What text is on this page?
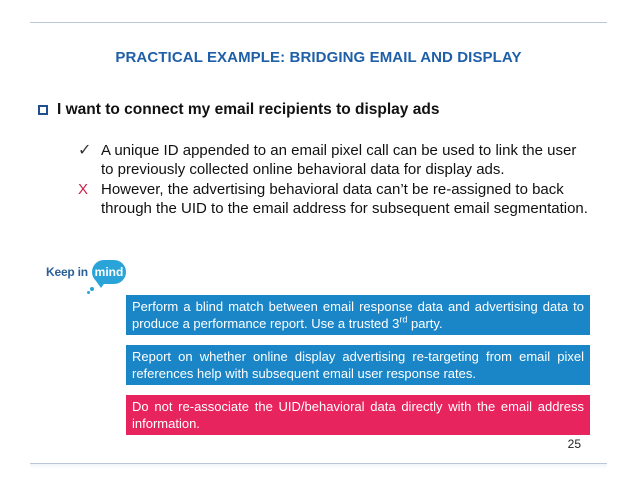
PRACTICAL EXAMPLE: BRIDGING EMAIL AND DISPLAY
I want to connect my email recipients to display ads
✓ A unique ID appended to an email pixel call can be used to link the user to previously collected online behavioral data for display ads.
X However, the advertising behavioral data can’t be re-assigned to back through the UID to the email address for subsequent email segmentation.
Keep in mind
Perform a blind match between email response data and advertising data to produce a performance report. Use a trusted 3rd party.
Report on whether online display advertising re-targeting from email pixel references help with subsequent email user response rates.
Do not re-associate the UID/behavioral data directly with the email address information.
25
